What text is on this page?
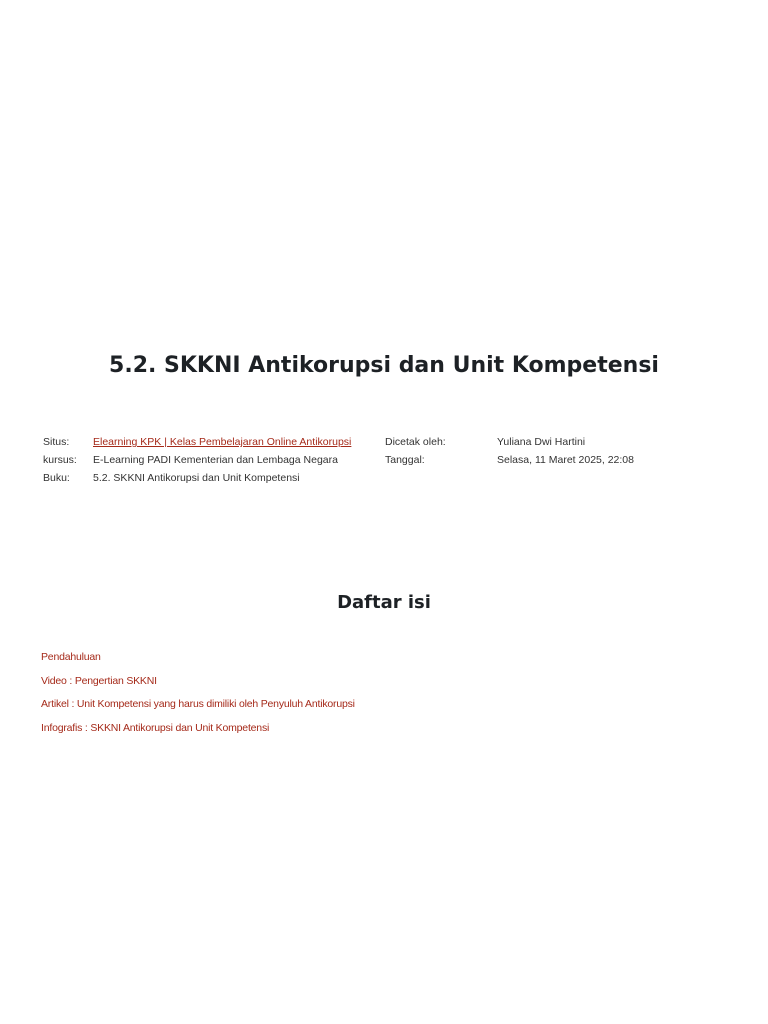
5.2. SKKNI Antikorupsi dan Unit Kompetensi
Situs: Elearning KPK | Kelas Pembelajaran Online Antikorupsi	Dicetak oleh:	Yuliana Dwi Hartini
kursus: E-Learning PADI Kementerian dan Lembaga Negara	Tanggal:	Selasa, 11 Maret 2025, 22:08
Buku: 5.2. SKKNI Antikorupsi dan Unit Kompetensi
Daftar isi
Pendahuluan
Video : Pengertian SKKNI
Artikel : Unit Kompetensi yang harus dimiliki oleh Penyuluh Antikorupsi
Infografis : SKKNI Antikorupsi dan Unit Kompetensi
